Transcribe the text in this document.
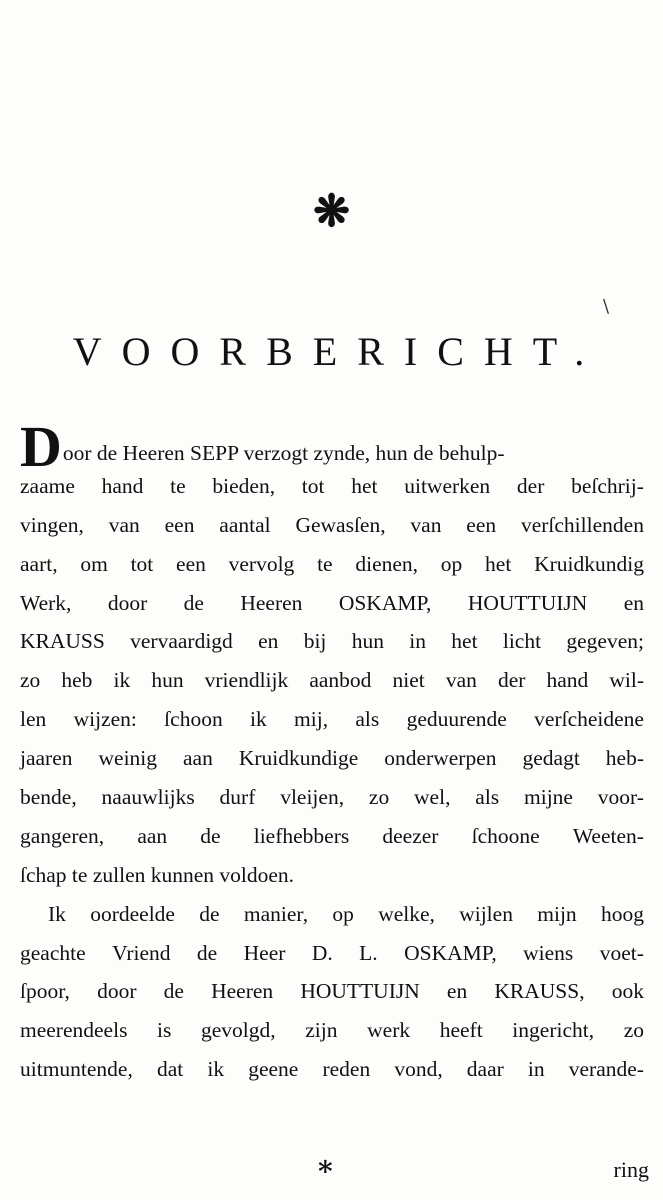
❋
\
VOORBERICHT.
Door de Heeren SEPP verzogt zynde, hun de behulp-
zaame hand te bieden, tot het uitwerken der beſchrij-
vingen, van een aantal Gewasſen, van een verſchillenden
aart, om tot een vervolg te dienen, op het Kruidkundig
Werk, door de Heeren OSKAMP, HOUTTUIJN en
KRAUSS vervaardigd en bij hun in het licht gegeven;
zo heb ik hun vriendlijk aanbod niet van der hand wil-
len wijzen: ſchoon ik mij, als geduurende verſcheidene
jaaren weinig aan Kruidkundige onderwerpen gedagt heb-
bende, naauwlijks durf vleijen, zo wel, als mijne voor-
gangeren, aan de liefhebbers deezer ſchoone Weeten-
ſchap te zullen kunnen voldoen.
Ik oordeelde de manier, op welke, wijlen mijn hoog
geachte Vriend de Heer D. L. OSKAMP, wiens voet-
ſpoor, door de Heeren HOUTTUIJN en KRAUSS, ook
meerendeels is gevolgd, zijn werk heeft ingericht, zo
uitmuntende, dat ik geene reden vond, daar in verande-
*	ring
